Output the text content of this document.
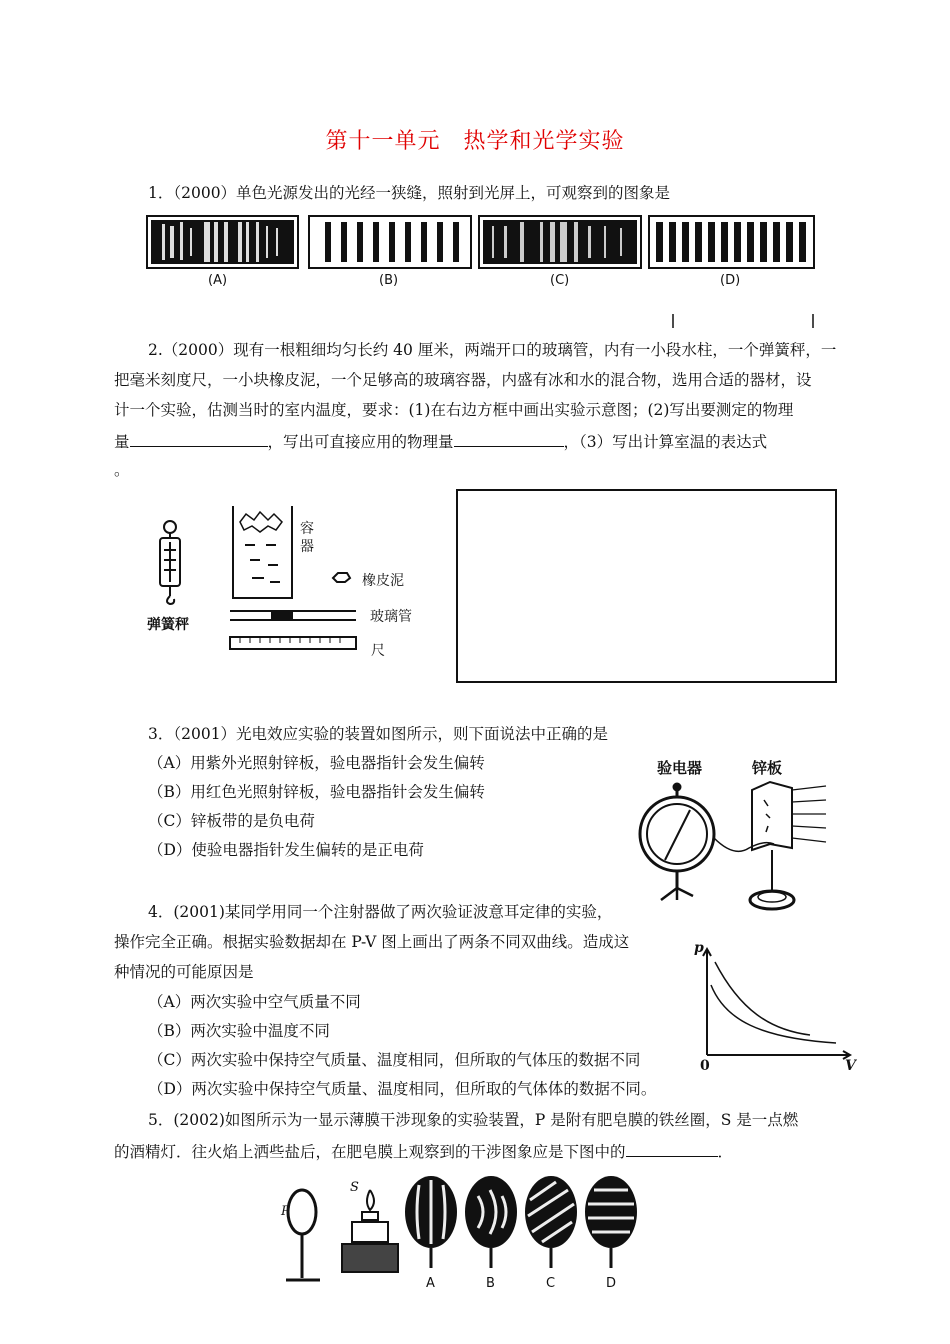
第十一单元　热学和光学实验
1．（2000）单色光源发出的光经一狭缝，照射到光屏上，可观察到的图象是
(A)	(B)	(C)	(D)
2.（2000）现有一根粗细均匀长约 40 厘米，两端开口的玻璃管，内有一小段水柱，一个弹簧秤，一
把毫米刻度尺，一小块橡皮泥，一个足够高的玻璃容器，内盛有冰和水的混合物，选用合适的器材，设
计一个实验，估测当时的室内温度，要求：(1)在右边方框中画出实验示意图；(2)写出要测定的物理
量	，写出可直接应用的物理量	，（3）写出计算室温的表达式
。
弹簧秤
容器
橡皮泥
玻璃管
尺
3．（2001）光电效应实验的装置如图所示，则下面说法中正确的是
（A）用紫外光照射锌板，验电器指针会发生偏转
（B）用红色光照射锌板，验电器指针会发生偏转
（C）锌板带的是负电荷
（D）使验电器指针发生偏转的是正电荷
验电器	锌板
4．(2001)某同学用同一个注射器做了两次验证波意耳定律的实验，
操作完全正确。根据实验数据却在 P-V 图上画出了两条不同双曲线。造成这
种情况的可能原因是
（A）两次实验中空气质量不同
（B）两次实验中温度不同
（C）两次实验中保持空气质量、温度相同，但所取的气体压的数据不同
（D）两次实验中保持空气质量、温度相同，但所取的气体体的数据不同。
p
V
0
5．(2002)如图所示为一显示薄膜干涉现象的实验装置，P 是附有肥皂膜的铁丝圈，S 是一点燃
的酒精灯．往火焰上洒些盐后，在肥皂膜上观察到的干涉图象应是下图中的	．
P
S
A	B	C	D
